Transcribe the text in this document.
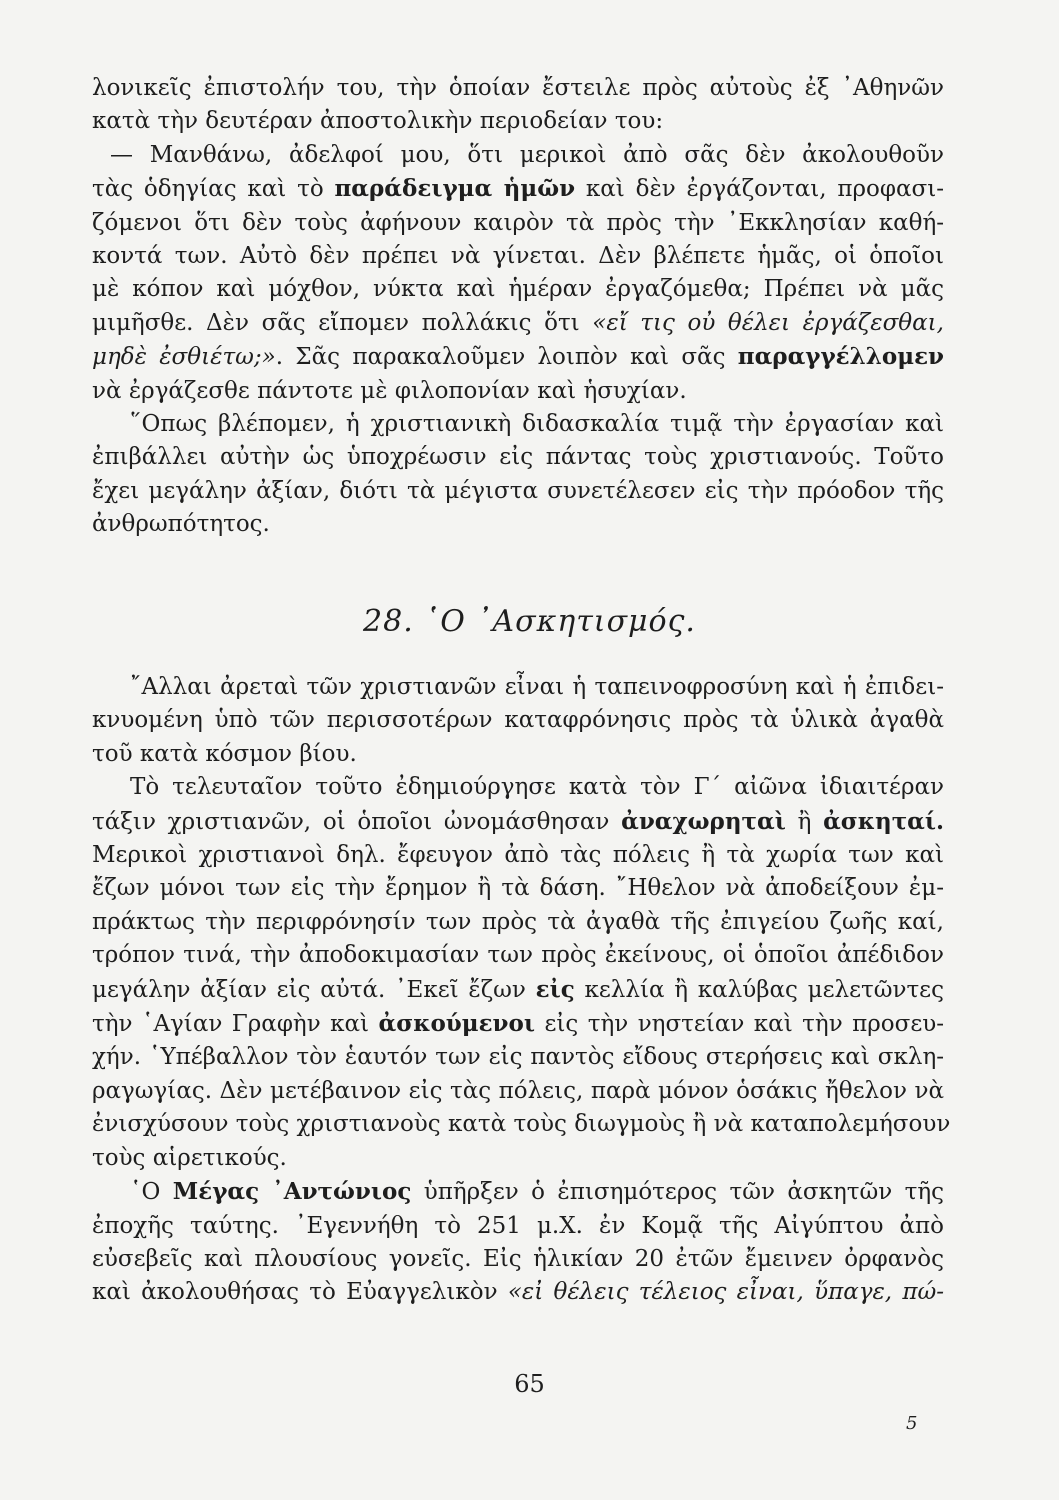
λονικεῖς ἐπιστολήν του, τὴν ὁποίαν ἔστειλε πρὸς αὐτοὺς ἐξ ᾿Αθηνῶν
κατὰ τὴν δευτέραν ἀποστολικὴν περιοδείαν του:
— Μανθάνω, ἀδελφοί μου, ὅτι μερικοὶ ἀπὸ σᾶς δὲν ἀκολουθοῦν
τὰς ὁδηγίας καὶ τὸ παράδειγμα ἡμῶν καὶ δὲν ἐργάζονται, προφασι-
ζόμενοι ὅτι δὲν τοὺς ἀφήνουν καιρὸν τὰ πρὸς τὴν ᾿Εκκλησίαν καθή-
κοντά των. Αὐτὸ δὲν πρέπει νὰ γίνεται. Δὲν βλέπετε ἡμᾶς, οἱ ὁποῖοι
μὲ κόπον καὶ μόχθον, νύκτα καὶ ἡμέραν ἐργαζόμεθα; Πρέπει νὰ μᾶς
μιμῆσθε. Δὲν σᾶς εἴπομεν πολλάκις ὅτι «εἴ τις οὐ θέλει ἐργάζεσθαι,
μηδὲ ἐσθιέτω;». Σᾶς παρακαλοῦμεν λοιπὸν καὶ σᾶς παραγγέλλομεν
νὰ ἐργάζεσθε πάντοτε μὲ φιλοπονίαν καὶ ἡσυχίαν.
῞Οπως βλέπομεν, ἡ χριστιανικὴ διδασκαλία τιμᾷ τὴν ἐργασίαν καὶ
ἐπιβάλλει αὐτὴν ὡς ὑποχρέωσιν εἰς πάντας τοὺς χριστιανούς. Τοῦτο
ἔχει μεγάλην ἀξίαν, διότι τὰ μέγιστα συνετέλεσεν εἰς τὴν πρόοδον τῆς
ἀνθρωπότητος.
28. ῾Ο ᾿Ασκητισμός.
῎Αλλαι ἀρεταὶ τῶν χριστιανῶν εἶναι ἡ ταπεινοφροσύνη καὶ ἡ ἐπιδει-
κνυομένη ὑπὸ τῶν περισσοτέρων καταφρόνησις πρὸς τὰ ὑλικὰ ἀγαθὰ
τοῦ κατὰ κόσμον βίου.
Τὸ τελευταῖον τοῦτο ἐδημιούργησε κατὰ τὸν Γ΄ αἰῶνα ἰδιαιτέραν
τάξιν χριστιανῶν, οἱ ὁποῖοι ὠνομάσθησαν ἀναχωρηταὶ ἢ ἀσκηταί.
Μερικοὶ χριστιανοὶ δηλ. ἔφευγον ἀπὸ τὰς πόλεις ἢ τὰ χωρία των καὶ
ἔζων μόνοι των εἰς τὴν ἔρημον ἢ τὰ δάση. ῎Ηθελον νὰ ἀποδείξουν ἐμ-
πράκτως τὴν περιφρόνησίν των πρὸς τὰ ἀγαθὰ τῆς ἐπιγείου ζωῆς καί,
τρόπον τινά, τὴν ἀποδοκιμασίαν των πρὸς ἐκείνους, οἱ ὁποῖοι ἀπέδιδον
μεγάλην ἀξίαν εἰς αὐτά. ᾿Εκεῖ ἔζων εἰς κελλία ἢ καλύβας μελετῶντες
τὴν ῾Αγίαν Γραφὴν καὶ ἀσκούμενοι εἰς τὴν νηστείαν καὶ τὴν προσευ-
χήν. ῾Υπέβαλλον τὸν ἑαυτόν των εἰς παντὸς εἴδους στερήσεις καὶ σκλη-
ραγωγίας. Δὲν μετέβαινον εἰς τὰς πόλεις, παρὰ μόνον ὁσάκις ἤθελον νὰ
ἐνισχύσουν τοὺς χριστιανοὺς κατὰ τοὺς διωγμοὺς ἢ νὰ καταπολεμήσουν
τοὺς αἱρετικούς.
῾Ο Μέγας ᾿Αντώνιος ὑπῆρξεν ὁ ἐπισημότερος τῶν ἀσκητῶν τῆς
ἐποχῆς ταύτης. ᾿Εγεννήθη τὸ 251 μ.Χ. ἐν Κομᾷ τῆς Αἰγύπτου ἀπὸ
εὐσεβεῖς καὶ πλουσίους γονεῖς. Εἰς ἡλικίαν 20 ἐτῶν ἔμεινεν ὀρφανὸς
καὶ ἀκολουθήσας τὸ Εὐαγγελικὸν «εἰ θέλεις τέλειος εἶναι, ὕπαγε, πώ-
65
5
